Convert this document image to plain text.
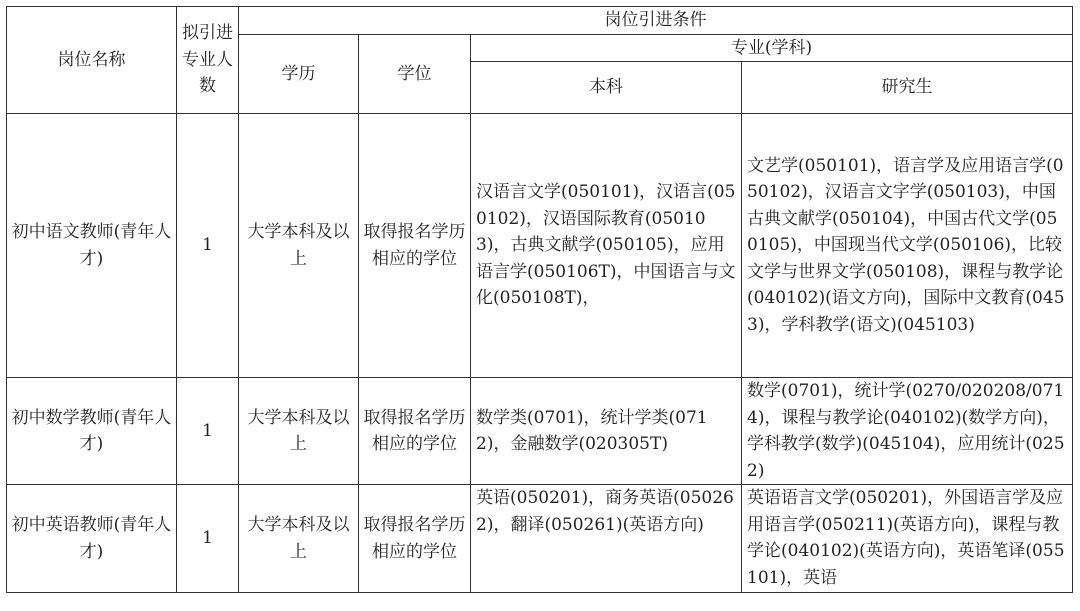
岗位名称	拟引进专业人数	岗位引进条件			
		学历	学位	专业(学科)	
				本科	研究生
初中语文教师(青年人才)	1	大学本科及以上	取得报名学历相应的学位	汉语言文学(050101)，汉语言(050102)，汉语国际教育(050103)，古典文献学(050105)，应用语言学(050106T)，中国语言与文化(050108T)，	文艺学(050101)，语言学及应用语言学(050102)，汉语言文字学(050103)，中国古典文献学(050104)，中国古代文学(050105)，中国现当代文学(050106)，比较文学与世界文学(050108)，课程与教学论(040102)(语文方向)，国际中文教育(0453)，学科教学(语文)(045103)
初中数学教师(青年人才)	1	大学本科及以上	取得报名学历相应的学位	数学类(0701)，统计学类(0712)，金融数学(020305T)	数学(0701)，统计学(0270/020208/0714)，课程与教学论(040102)(数学方向)，学科教学(数学)(045104)，应用统计(0252)
初中英语教师(青年人才)	1	大学本科及以上	取得报名学历相应的学位	英语(050201)，商务英语(050262)，翻译(050261)(英语方向)	英语语言文学(050201)，外国语言学及应用语言学(050211)(英语方向)，课程与教学论(040102)(英语方向)，英语笔译(055101)，英语
